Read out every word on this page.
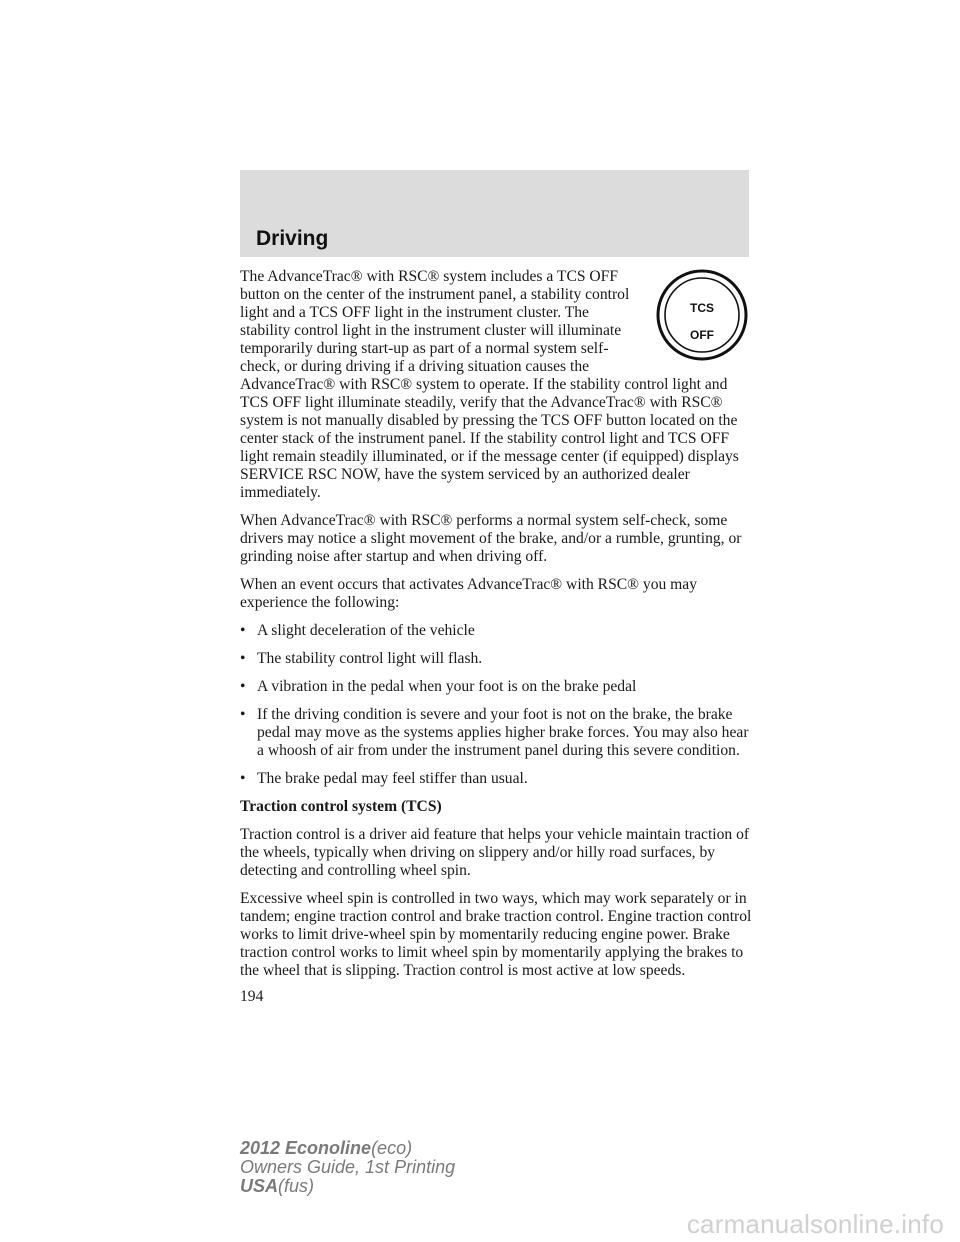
Driving
TCS
OFF

The AdvanceTrac® with RSC® system includes a TCS OFF button on the center of the instrument panel, a stability control light and a TCS OFF light in the instrument cluster. The stability control light in the instrument cluster will illuminate temporarily during start-up as part of a normal system self-check, or during driving if a driving situation causes the AdvanceTrac® with RSC® system to operate. If the stability control light and TCS OFF light illuminate steadily, verify that the AdvanceTrac® with RSC® system is not manually disabled by pressing the TCS OFF button located on the center stack of the instrument panel. If the stability control light and TCS OFF light remain steadily illuminated, or if the message center (if equipped) displays SERVICE RSC NOW, have the system serviced by an authorized dealer immediately.

When AdvanceTrac® with RSC® performs a normal system self-check, some drivers may notice a slight movement of the brake, and/or a rumble, grunting, or grinding noise after startup and when driving off.

When an event occurs that activates AdvanceTrac® with RSC® you may experience the following:

• A slight deceleration of the vehicle
• The stability control light will flash.
• A vibration in the pedal when your foot is on the brake pedal
• If the driving condition is severe and your foot is not on the brake, the brake pedal may move as the systems applies higher brake forces. You may also hear a whoosh of air from under the instrument panel during this severe condition.
• The brake pedal may feel stiffer than usual.
Traction control system (TCS)

Traction control is a driver aid feature that helps your vehicle maintain traction of the wheels, typically when driving on slippery and/or hilly road surfaces, by detecting and controlling wheel spin.

Excessive wheel spin is controlled in two ways, which may work separately or in tandem; engine traction control and brake traction control. Engine traction control works to limit drive-wheel spin by momentarily reducing engine power. Brake traction control works to limit wheel spin by momentarily applying the brakes to the wheel that is slipping. Traction control is most active at low speeds.

194
2012 Econoline(eco)
Owners Guide, 1st Printing
USA(fus)
carmanualsonline.info
